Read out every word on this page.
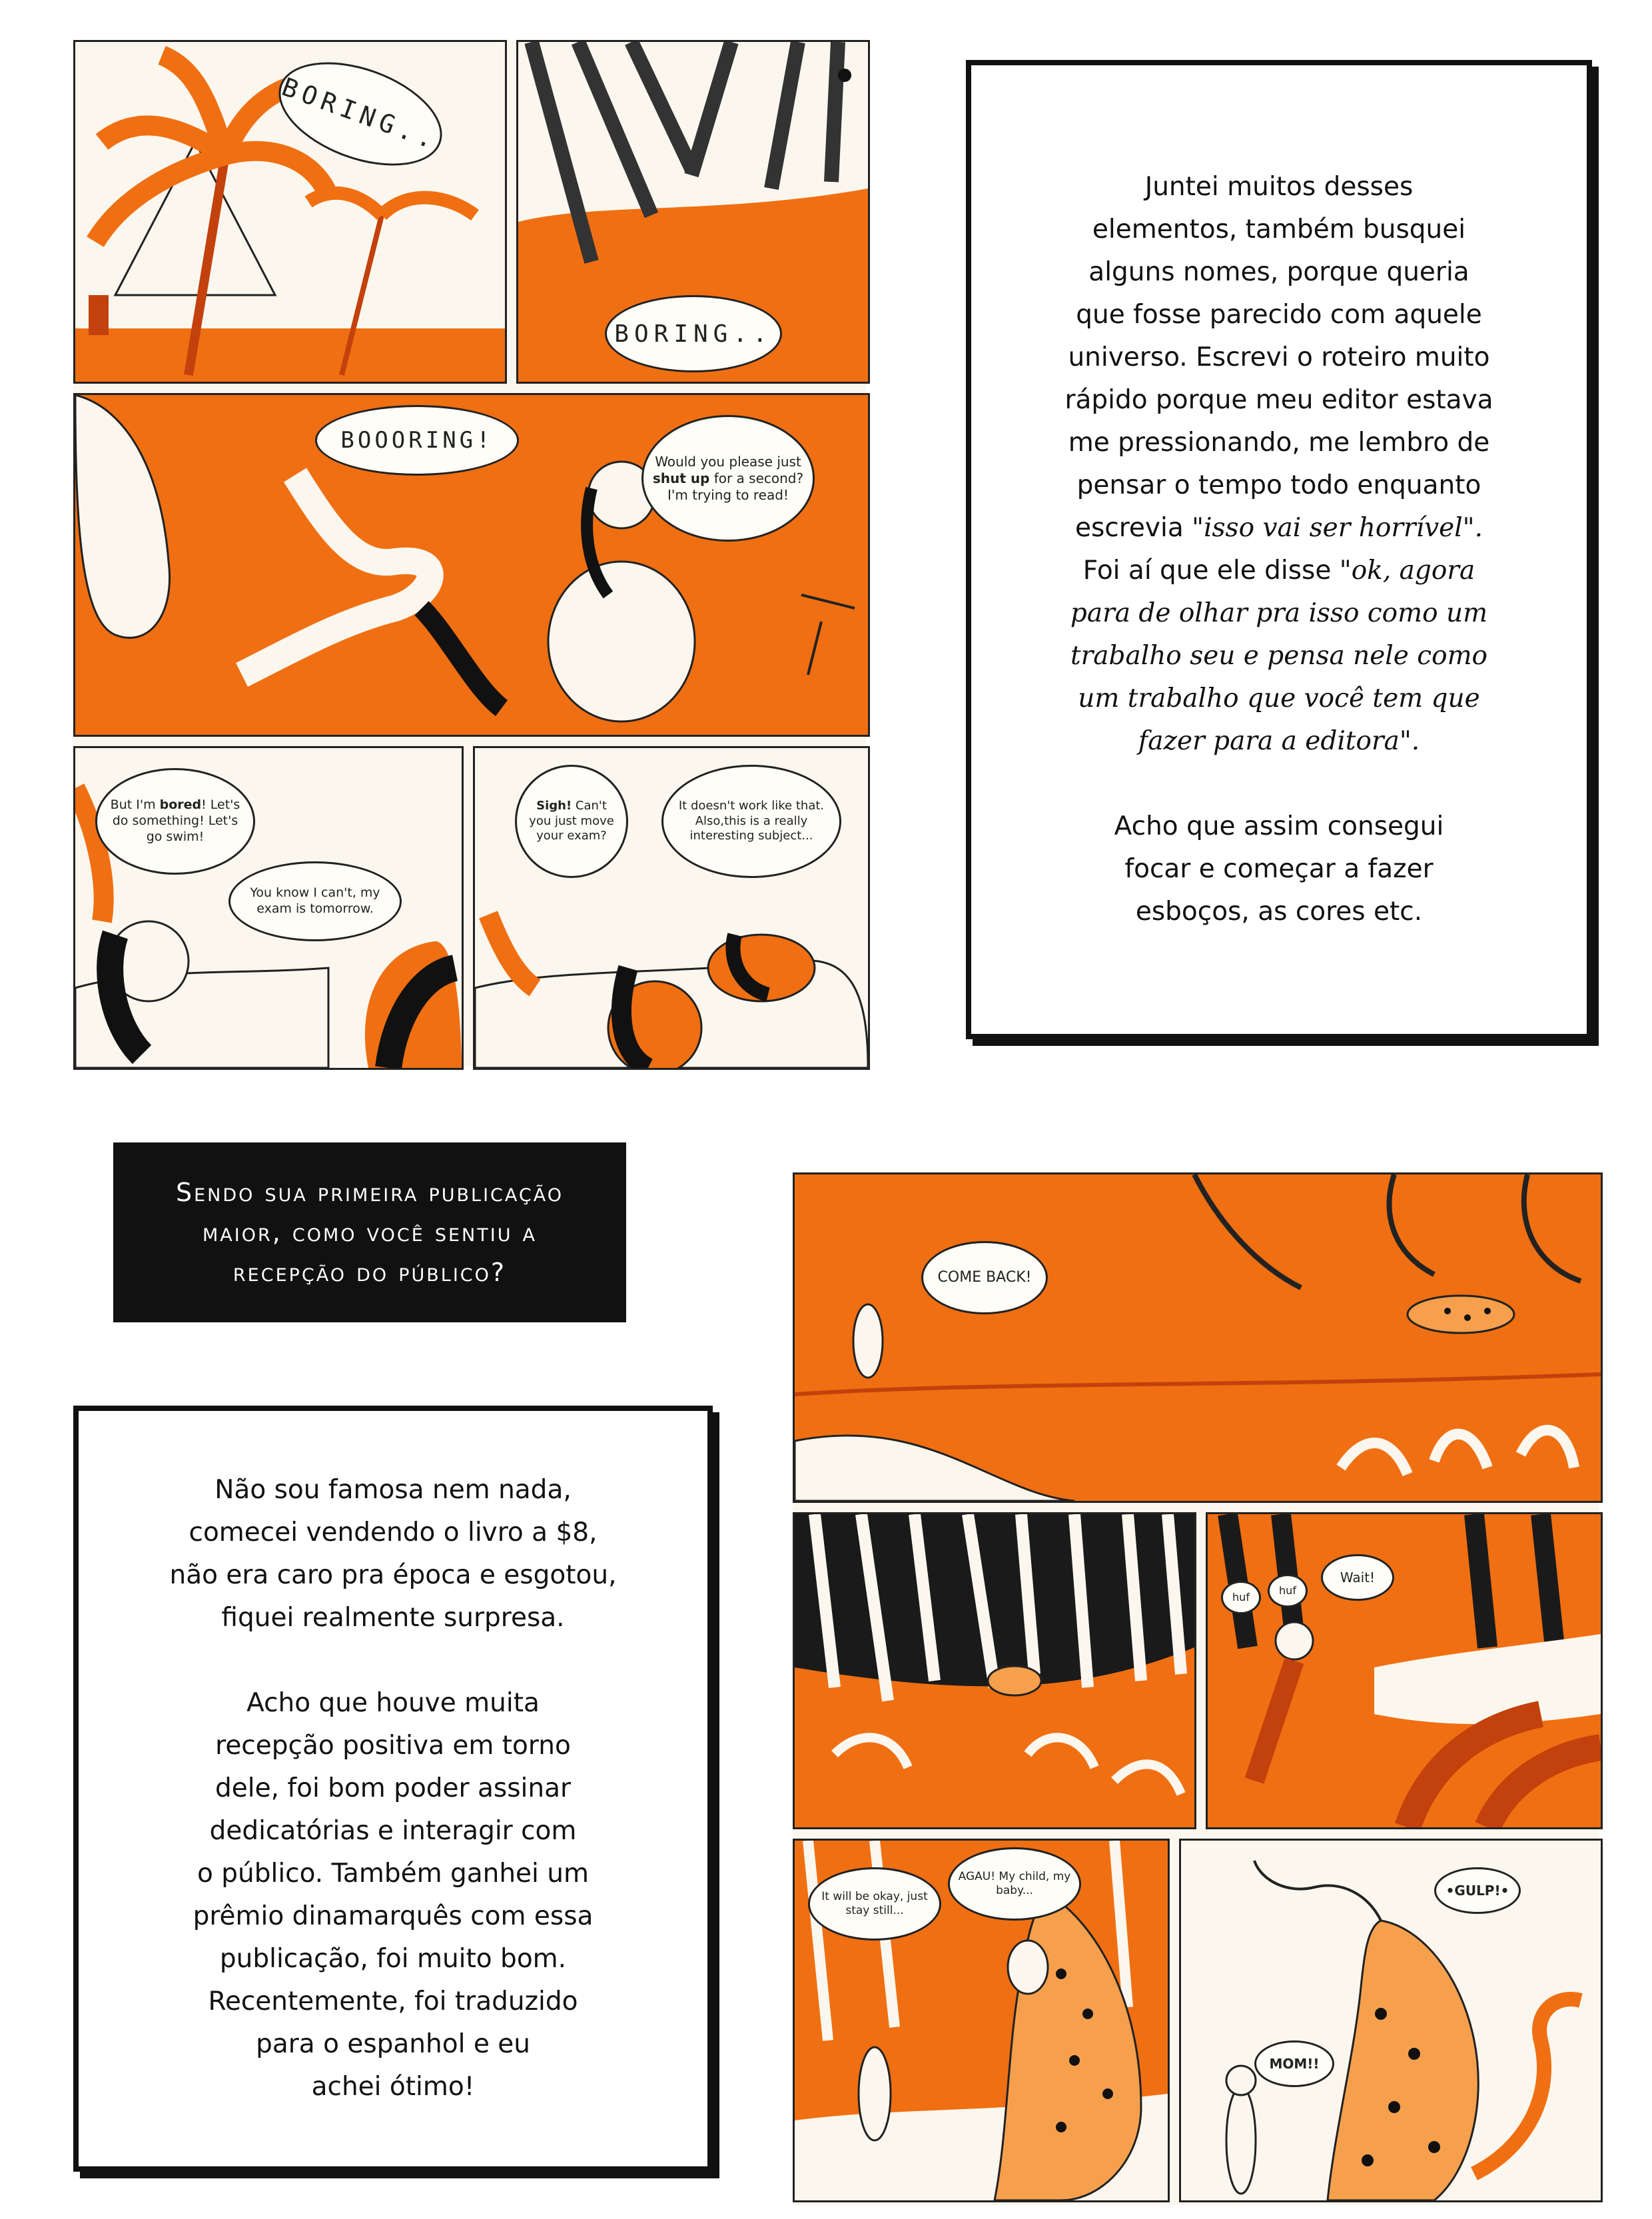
BORING..
BORING..
BOOORING!
Would you please just shut up for a second? I'm trying to read!
But I'm bored! Let's do something! Let's go swim!
You know I can't, my exam is tomorrow.
Sigh! Can't you just move your exam?
It doesn't work like that. Also,this is a really interesting subject...

Juntei muitos desses

elementos, também busquei

alguns nomes, porque queria

que fosse parecido com aquele

universo. Escrevi o roteiro muito

rápido porque meu editor estava

me pressionando, me lembro de

pensar o tempo todo enquanto

escrevia "isso vai ser horrível".

Foi aí que ele disse "ok, agora

para de olhar pra isso como um

trabalho seu e pensa nele como

um trabalho que você tem que

fazer para a editora".

Acho que assim consegui

focar e começar a fazer

esboços, as cores etc.

Sendo sua primeira publicação

maior, como você sentiu a

recepção do público?

Não sou famosa nem nada,

comecei vendendo o livro a $8,

não era caro pra época e esgotou,

fiquei realmente surpresa.

Acho que houve muita

recepção positiva em torno

dele, foi bom poder assinar

dedicatórias e interagir com

o público. Também ganhei um

prêmio dinamarquês com essa

publicação, foi muito bom.

Recentemente, foi traduzido

para o espanhol e eu

achei ótimo!

COME BACK!
huf
huf
Wait!
It will be okay, just stay still...
AGAU! My child, my baby...	•GULP!•
MOM!!
